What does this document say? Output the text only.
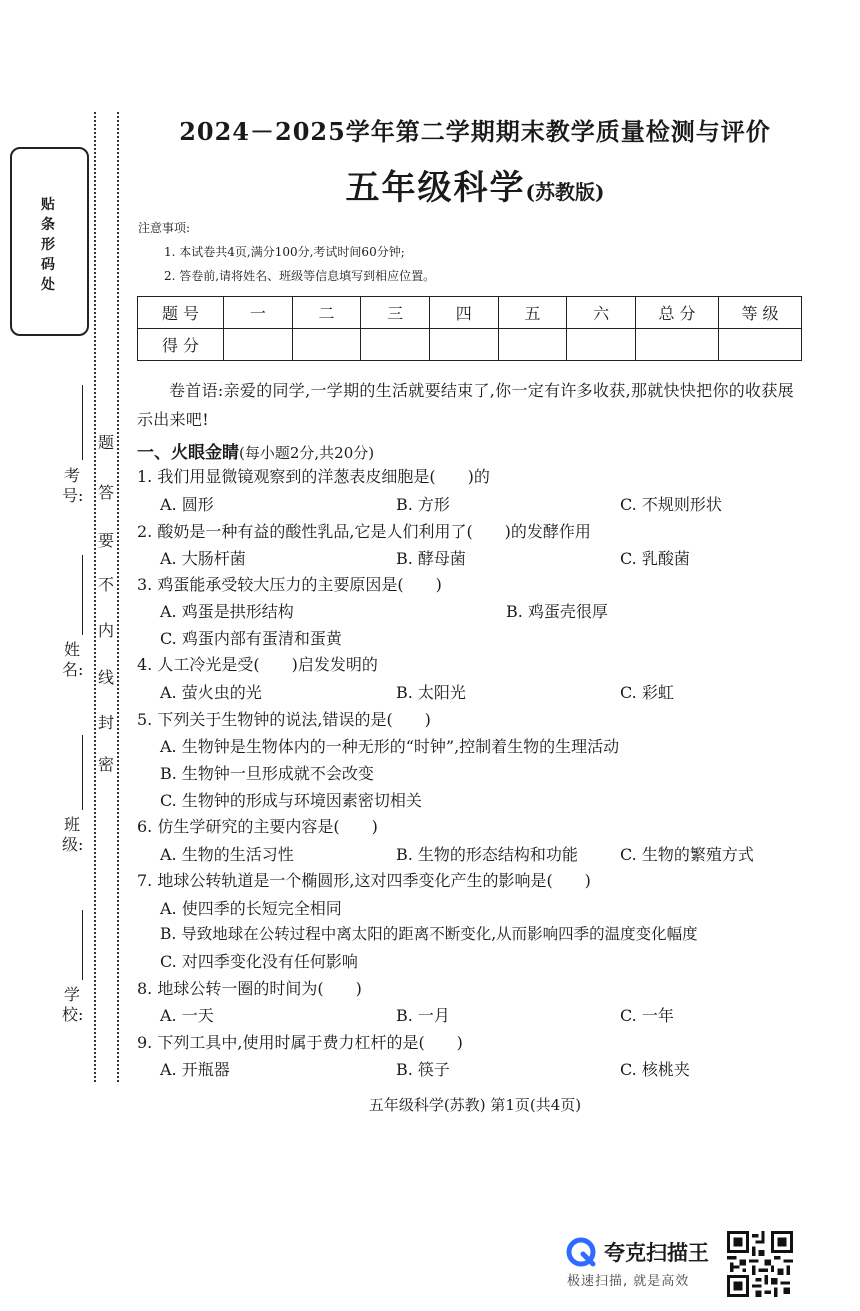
贴条形码处
题
答
要
不
内
线
封
密
考号:
姓名:
班级:
学校:
2024－2025学年第二学期期末教学质量检测与评价
五年级科学(苏教版)
注意事项:
1. 本试卷共4页,满分100分,考试时间60分钟;
2. 答卷前,请将姓名、班级等信息填写到相应位置。
题 号	一	二	三	四	五	六	总 分	等 级
得 分								
卷首语:亲爱的同学,一学期的生活就要结束了,你一定有许多收获,那就快快把你的收获展示出来吧!
一、火眼金睛(每小题2分,共20分)
1. 我们用显微镜观察到的洋葱表皮细胞是(　　)的
A. 圆形	B. 方形	C. 不规则形状
2. 酸奶是一种有益的酸性乳品,它是人们利用了(　　)的发酵作用
A. 大肠杆菌	B. 酵母菌	C. 乳酸菌
3. 鸡蛋能承受较大压力的主要原因是(　　)
A. 鸡蛋是拱形结构	B. 鸡蛋壳很厚
C. 鸡蛋内部有蛋清和蛋黄
4. 人工冷光是受(　　)启发发明的
A. 萤火虫的光	B. 太阳光	C. 彩虹
5. 下列关于生物钟的说法,错误的是(　　)
A. 生物钟是生物体内的一种无形的“时钟”,控制着生物的生理活动
B. 生物钟一旦形成就不会改变
C. 生物钟的形成与环境因素密切相关
6. 仿生学研究的主要内容是(　　)
A. 生物的生活习性	B. 生物的形态结构和功能	C. 生物的繁殖方式
7. 地球公转轨道是一个椭圆形,这对四季变化产生的影响是(　　)
A. 使四季的长短完全相同
B. 导致地球在公转过程中离太阳的距离不断变化,从而影响四季的温度变化幅度
C. 对四季变化没有任何影响
8. 地球公转一圈的时间为(　　)
A. 一天	B. 一月	C. 一年
9. 下列工具中,使用时属于费力杠杆的是(　　)
A. 开瓶器	B. 筷子	C. 核桃夹
五年级科学(苏教) 第1页(共4页)
夸克扫描王
极速扫描, 就是高效
